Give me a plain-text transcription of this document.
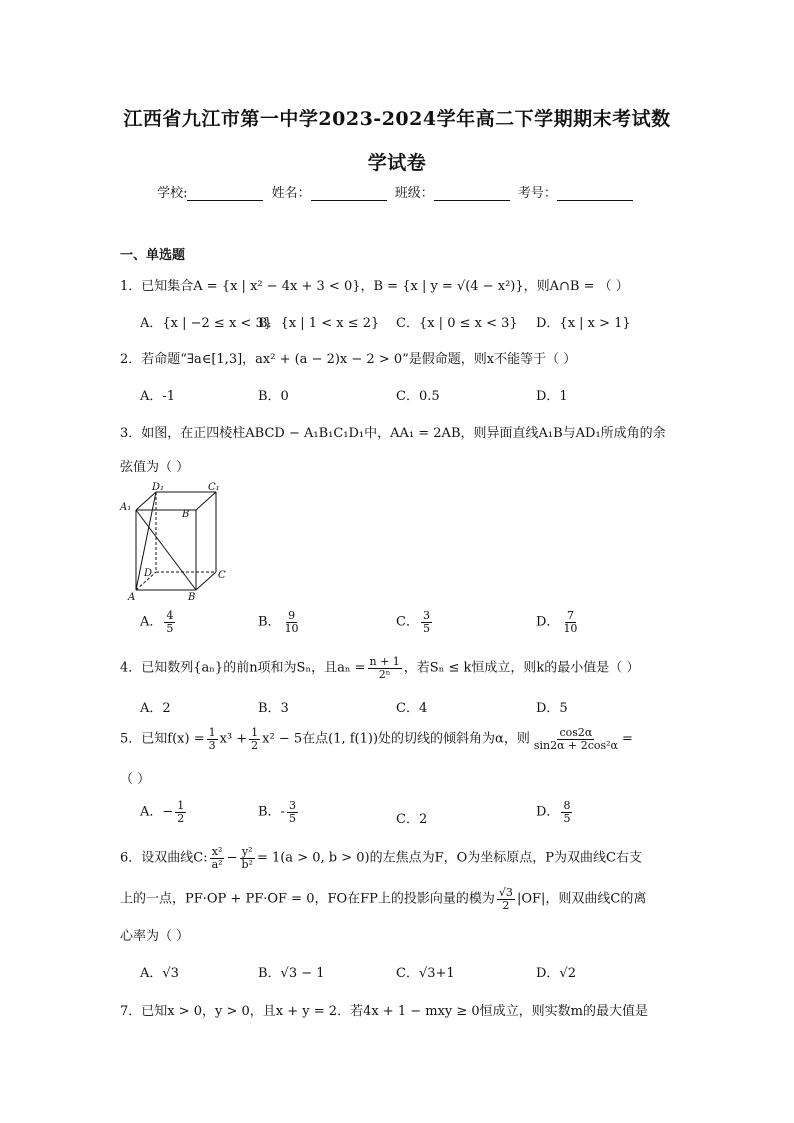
江西省九江市第一中学2023-2024学年高二下学期期末考试数
学试卷
学校:	姓名：	班级：	考号：
一、单选题
1．已知集合A = {x | x² − 4x + 3 < 0}，B = {x | y = √(4 − x²)}，则A∩B = （ ）
A．{x | −2 ≤ x < 3}
B．{x | 1 < x ≤ 2} C．{x | 0 ≤ x < 3} D．{x | x > 1}
2．若命题“∃a∈[1,3]，ax² + (a − 2)x − 2 > 0”是假命题，则x不能等于（ ）
A．-1	B．0	C．0.5	D．1
3．如图，在正四棱柱ABCD − A₁B₁C₁D₁中，AA₁ = 2AB，则异面直线A₁B与AD₁所成角的余
弦值为（ ）
A₁
D₁	C₁
B
D	C
A	B
A． $\frac{4}{5}$	B． $\frac{9}{10}$	C． $\frac{3}{5}$	D． $\frac{7}{10}$
4．已知数列{aₙ}的前n项和为Sₙ，且$a_n = \frac{n + 1}{\text{2ⁿ}}$ ，若Sₙ ≤ k恒成立，则k的最小值是（ ）
A．2	B．3	C．4	D．5
5．已知$f(x) = \frac{1}{3} x^3 + \frac{1}{2} x^2 - 5$在点(1, f(1))处的切线的倾斜角为α，则 $\frac{\cos 2\alpha}{\text{sin2α + 2cos²α}}$ =
（ ）
A．− $\frac{1}{2}$	B．- $\frac{3}{5}$	C．2	D． $\frac{8}{5}$
6．设双曲线C: $\frac{\text{x²}}{\text{a²}} - \frac{\text{y²}}{\text{b²}} = 1(a > 0$, b > 0)的左焦点为F，O为坐标原点，P为双曲线C右支
上的一点，PF·OP + PF·OF = 0，FO在FP上的投影向量的模为 $\frac{√3}{2} |OF|$，则双曲线C的离
心率为（ ）
A．√3	B．√3 − 1	C．√3+1	D．√2
7．已知x > 0，y > 0，且x + y = 2．若4x + 1 − mxy ≥ 0恒成立，则实数m的最大值是
